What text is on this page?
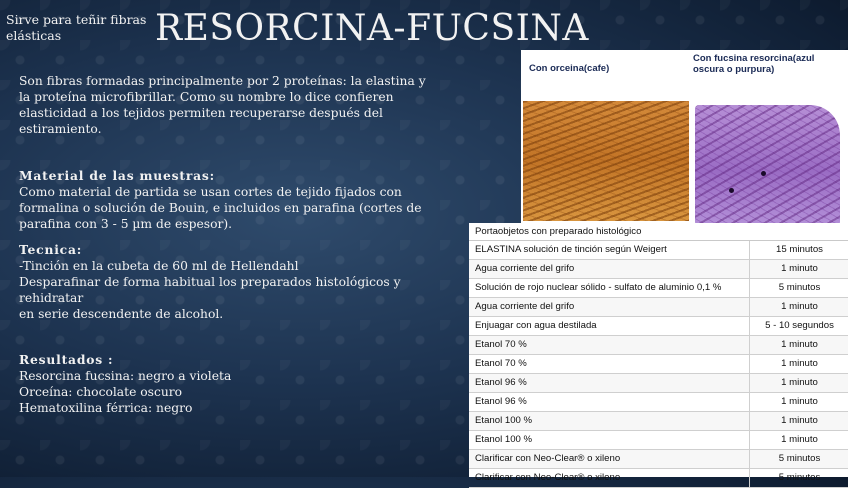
Sirve para teñir fibras elásticas	RESORCINA-FUCSINA
Son fibras formadas principalmente por 2 proteínas: la elastina y la proteína microfibrillar. Como su nombre lo dice confieren elasticidad a los tejidos permiten recuperarse después del estiramiento.
Material de las muestras:
Como material de partida se usan cortes de tejido fijados con formalina o solución de Bouin, e incluidos en parafina (cortes de parafina con 3 - 5 µm de espesor).
Tecnica:
-Tinción en la cubeta de 60 ml de Hellendahl
Desparafinar de forma habitual los preparados histológicos y rehidratar
en serie descendente de alcohol.
Resultados :
Resorcina fucsina: negro a violeta
Orceína: chocolate oscuro
Hematoxilina férrica: negro
Con orceina(cafe)
Con fucsina resorcina(azul oscura o purpura)
Portaobjetos con preparado histológico
ELASTINA solución de tinción según Weigert	15 minutos
Agua corriente del grifo	1 minuto
Solución de rojo nuclear sólido - sulfato de aluminio 0,1 %	5 minutos
Agua corriente del grifo	1 minuto
Enjuagar con agua destilada	5 - 10 segundos
Etanol 70 %	1 minuto
Etanol 70 %	1 minuto
Etanol 96 %	1 minuto
Etanol 96 %	1 minuto
Etanol 100 %	1 minuto
Etanol 100 %	1 minuto
Clarificar con Neo-Clear® o xileno	5 minutos
Clarificar con Neo-Clear® o xileno	5 minutos
